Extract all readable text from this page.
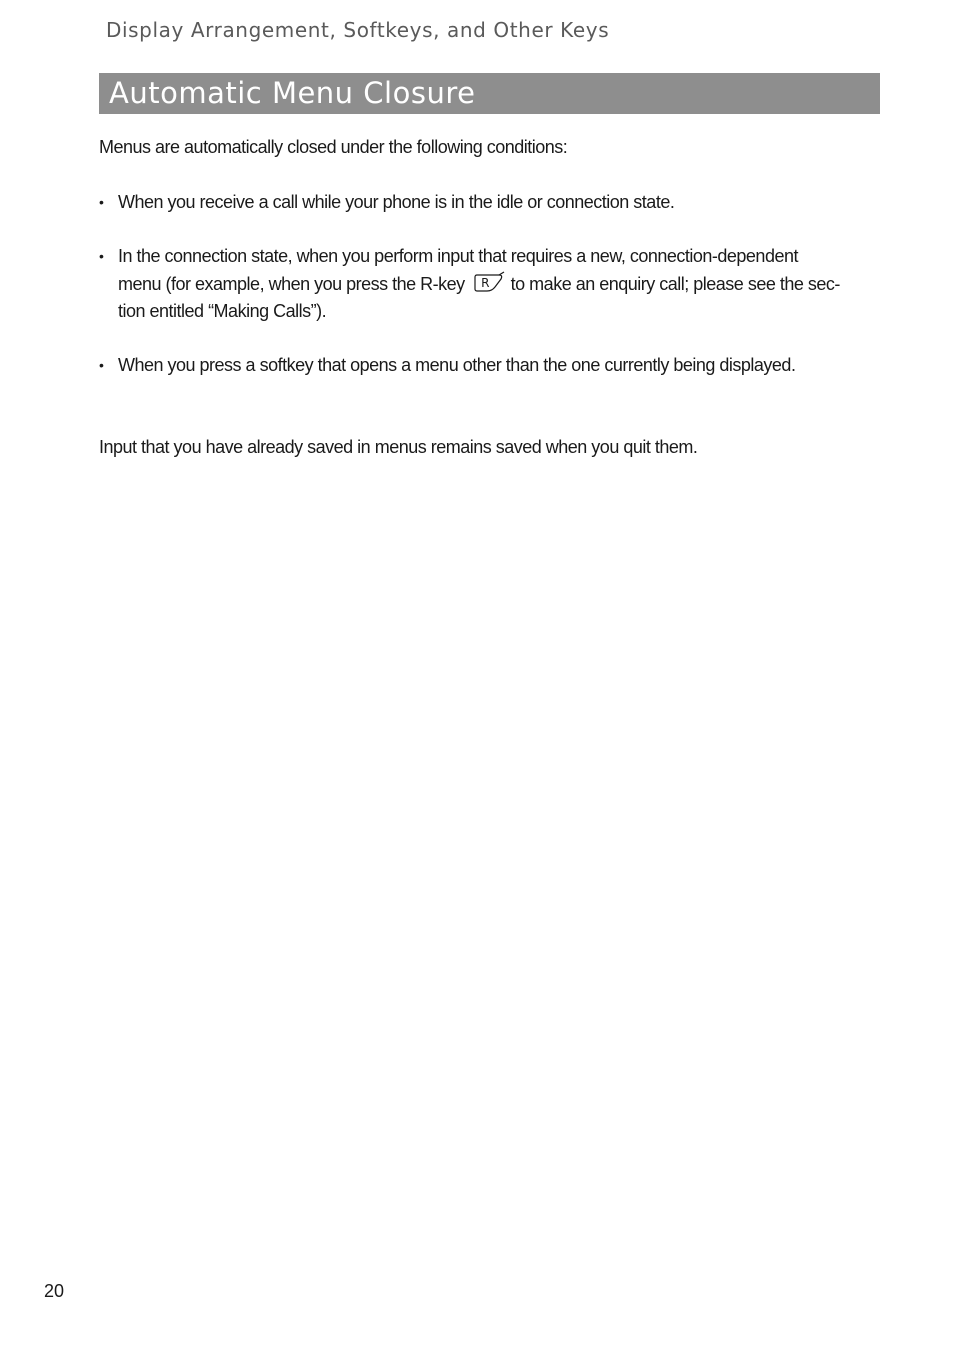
Display Arrangement, Softkeys, and Other Keys
Automatic Menu Closure
Menus are automatically closed under the following conditions:
• When you receive a call while your phone is in the idle or connection state.
• In the connection state, when you perform input that requires a new, connection-dependent
menu (for example, when you press the R-key R to make an enquiry call; please see the sec-
tion entitled “Making Calls”).
• When you press a softkey that opens a menu other than the one currently being displayed.
Input that you have already saved in menus remains saved when you quit them.
20
